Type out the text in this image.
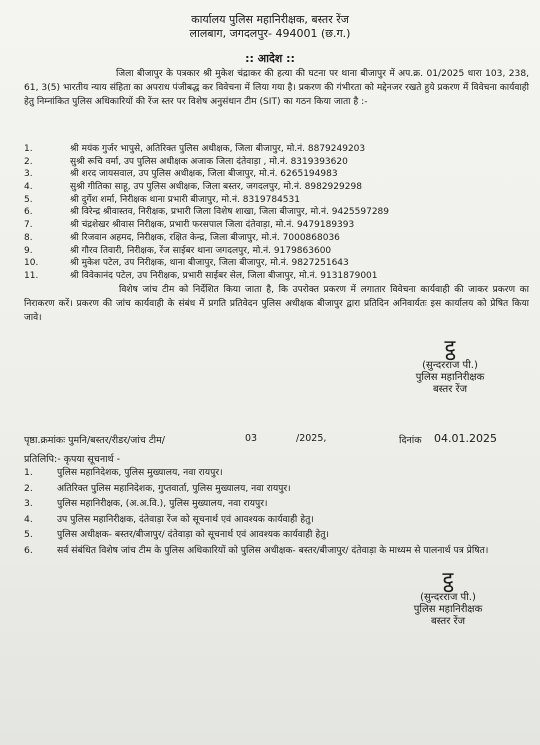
कार्यालय पुलिस महानिरीक्षक, बस्तर रेंज
लालबाग, जगदलपुर- 494001 (छ.ग.)
:: आदेश ::
जिला बीजापुर के पत्रकार श्री मुकेश चंद्राकर की हत्या की घटना पर थाना बीजापुर में अप.क्र. 01/2025 धारा 103, 238, 61, 3(5) भारतीय न्याय संहिता का अपराध पंजीबद्ध कर विवेचना में लिया गया है। प्रकरण की गंभीरता को मद्देनजर रखते हुये प्रकरण में विवेचना कार्यवाही हेतु निम्नांकित पुलिस अधिकारियों की रेंज स्तर पर विशेष अनुसंधान टीम (SIT) का गठन किया जाता है :-
1.	श्री मयंक गुर्जर भापुसे, अतिरिक्त पुलिस अधीक्षक, जिला बीजापुर, मो.नं. 8879249203
2.	सुश्री रूचि वर्मा, उप पुलिस अधीक्षक अजाक जिला दंतेवाड़ा , मो.नं. 8319393620
3.	श्री शरद जायसवाल, उप पुलिस अधीक्षक, जिला बीजापुर, मो.नं. 6265194983
4.	सुश्री गीतिका साहू, उप पुलिस अधीक्षक, जिला बस्तर, जगदलपुर, मो.नं. 8982929298
5.	श्री दुर्गेश शर्मा, निरीक्षक थाना प्रभारी बीजापुर, मो.नं. 8319784531
6.	श्री विरेन्द्र श्रीवास्तव, निरीक्षक, प्रभारी जिला विशेष शाखा, जिला बीजापुर, मो.नं. 9425597289
7.	श्री चंद्रशेखर श्रीवास निरीक्षक, प्रभारी फरसपाल जिला दंतेवाड़ा, मो.नं. 9479189393
8.	श्री रिजवान अहमद, निरीक्षक, रक्षित केन्द्र, जिला बीजापुर, मो.नं. 7000868036
9.	श्री गौरव तिवारी, निरीक्षक, रेंज साईबर थाना जगदलपुर, मो.नं. 9179863600
10.	श्री मुकेश पटेल, उप निरीक्षक, थाना बीजापुर, जिला बीजापुर, मो.नं. 9827251643
11.	श्री विवेकानंद पटेल, उप निरीक्षक, प्रभारी साईबर सेल, जिला बीजापुर, मो.नं. 9131879001
विशेष जांच टीम को निर्देशित किया जाता है, कि उपरोक्त प्रकरण में लगातार विवेचना कार्यवाही की जाकर प्रकरण का निराकरण करें। प्रकरण की जांच कार्यवाही के संबंध में प्रगति प्रतिवेदन पुलिस अधीक्षक बीजापुर द्वारा प्रतिदिन अनिवार्यतः इस कार्यालय को प्रेषित किया जावे।
ट्ठ
(सुन्दरराज पी.)
पुलिस महानिरीक्षक
बस्तर रेंज
पृष्ठा.क्रमांकः पुमनि/बस्तर/रीडर/जांच टीम/	03	/2025,	दिनांक 04.01.2025
प्रतिलिपि:- कृपया सूचनार्थ -
1.	पुलिस महानिदेशक, पुलिस मुख्यालय, नवा रायपुर।
2.	अतिरिक्त पुलिस महानिदेशक, गुप्तवार्ता, पुलिस मुख्यालय, नवा रायपुर।
3.	पुलिस महानिरीक्षक, (अ.अ.वि.), पुलिस मुख्यालय, नवा रायपुर।
4.	उप पुलिस महानिरीक्षक, दंतेवाड़ा रेंज को सूचनार्थ एवं आवश्यक कार्यवाही हेतु।
5.	पुलिस अधीक्षक- बस्तर/बीजापुर/ दंतेवाड़ा को सूचनार्थ एवं आवश्यक कार्यवाही हेतु।
6.	सर्व संबंधित विशेष जांच टीम के पुलिस अधिकारियों को पुलिस अधीक्षक- बस्तर/बीजापुर/ दंतेवाड़ा के माध्यम से पालनार्थ पत्र प्रेषित।
ट्ठ
(सुन्दरराज पी.)
पुलिस महानिरीक्षक
बस्तर रेंज
